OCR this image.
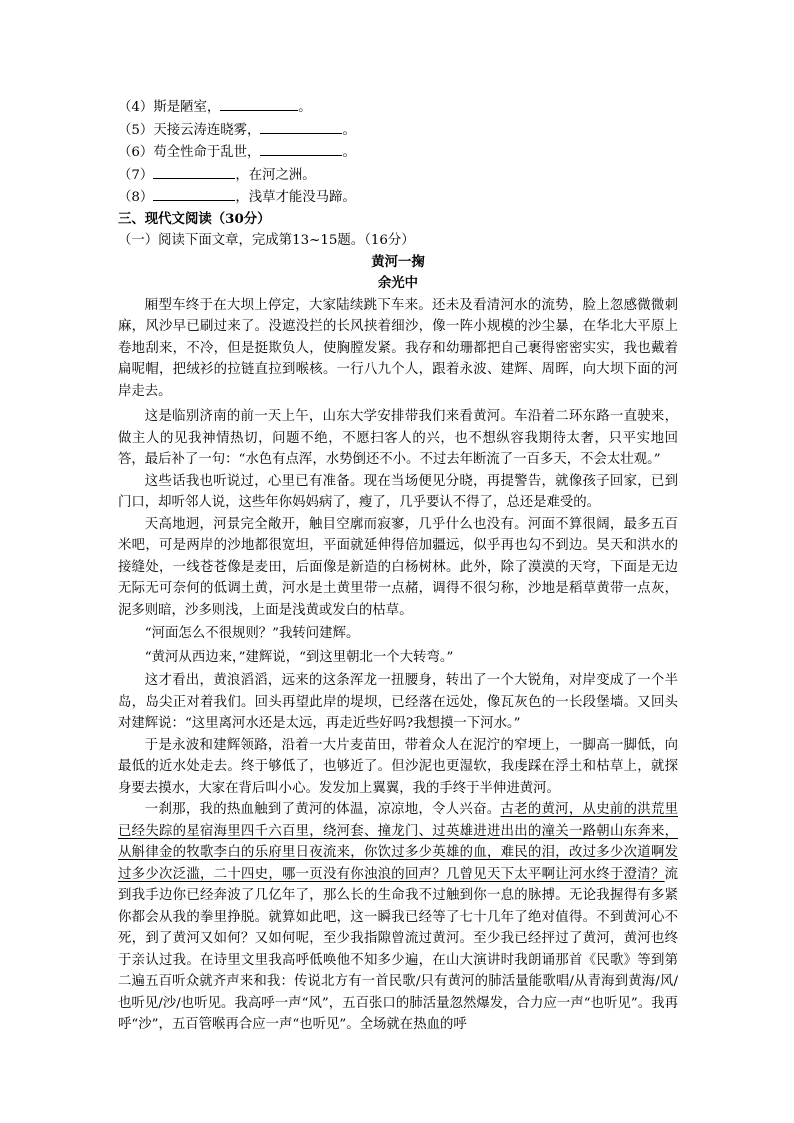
（4）斯是陋室，	。
（5）天接云涛连晓雾，	。
（6）苟全性命于乱世，	。
（7）	，在河之洲。
（8）	，浅草才能没马蹄。
三、现代文阅读（30分）
（一）阅读下面文章，完成第13~15题。（16分）
黄河一掬
余光中

厢型车终于在大坝上停定，大家陆续跳下车来。还未及看清河水的流势，脸上忽感微微刺麻，风沙早已刷过来了。没遮没拦的长风挟着细沙，像一阵小规模的沙尘暴，在华北大平原上卷地刮来，不冷，但是挺欺负人，使胸膛发紧。我存和幼珊都把自己裹得密密实实，我也戴着扁呢帽，把绒衫的拉链直拉到喉核。一行八九个人，跟着永波、建辉、周晖，向大坝下面的河岸走去。

这是临别济南的前一天上午，山东大学安排带我们来看黄河。车沿着二环东路一直驶来，做主人的见我神情热切，问题不绝，不愿扫客人的兴，也不想纵容我期待太奢，只平实地回答，最后补了一句：“水色有点浑，水势倒还不小。不过去年断流了一百多天，不会太壮观。”

这些话我也听说过，心里已有准备。现在当场便见分晓，再提警告，就像孩子回家，已到门口，却听邻人说，这些年你妈妈病了，瘦了，几乎要认不得了，总还是难受的。

天高地迥，河景完全敞开，触目空廓而寂寥，几乎什么也没有。河面不算很阔，最多五百米吧，可是两岸的沙地都很宽坦，平面就延伸得倍加疆远，似乎再也勾不到边。昊天和洪水的接缝处，一线苍苍像是麦田，后面像是新造的白杨树林。此外，除了漠漠的天穹，下面是无边无际无可奈何的低调土黄，河水是土黄里带一点赭，调得不很匀称，沙地是稻草黄带一点灰，泥多则暗，沙多则浅，上面是浅黄或发白的枯草。

“河面怎么不很规则？”我转问建辉。
“黄河从西边来，”建辉说，“到这里朝北一个大转弯。”

这才看出，黄浪滔滔，远来的这条浑龙一扭腰身，转出了一个大锐角，对岸变成了一个半岛，岛尖正对着我们。回头再望此岸的堤坝，已经落在远处，像瓦灰色的一长段堡墙。又回头对建辉说：“这里离河水还是太远，再走近些好吗?我想摸一下河水。”

于是永波和建辉领路，沿着一大片麦苗田，带着众人在泥泞的窄埂上，一脚高一脚低，向最低的近水处走去。终于够低了，也够近了。但沙泥也更湿软，我虔踩在浮土和枯草上，就探身要去摸水，大家在背后叫小心。发发加上翼翼，我的手终于半伸进黄河。

一刹那，我的热血触到了黄河的体温，凉凉地，令人兴奋。古老的黄河，从史前的洪荒里已经失踪的星宿海里四千六百里，绕河套、撞龙门、过英雄进进出出的潼关一路朝山东奔来，从斛律金的牧歌李白的乐府里日夜流来，你饮过多少英雄的血，难民的泪，改过多少次道啊发过多少次泛滥，二十四史，哪一页没有你浊浪的回声？几曾见天下太平啊让河水终于澄清？流到我手边你已经奔波了几亿年了，那么长的生命我不过触到你一息的脉搏。无论我握得有多紧你都会从我的拳里挣脱。就算如此吧，这一瞬我已经等了七十几年了绝对值得。不到黄河心不死，到了黄河又如何？又如何呢，至少我指隙曾流过黄河。至少我已经抨过了黄河，黄河也终于亲认过我。在诗里文里我高呼低唤他不知多少遍，在山大演讲时我朗诵那首《民歌》等到第二遍五百听众就齐声来和我：传说北方有一首民歌/只有黄河的肺活量能歌唱/从青海到黄海/风/也听见/沙/也听见。我高呼一声“风”，五百张口的肺活量忽然爆发，合力应一声“也听见”。我再呼“沙”，五百管喉再合应一声“也听见”。全场就在热血的呼
